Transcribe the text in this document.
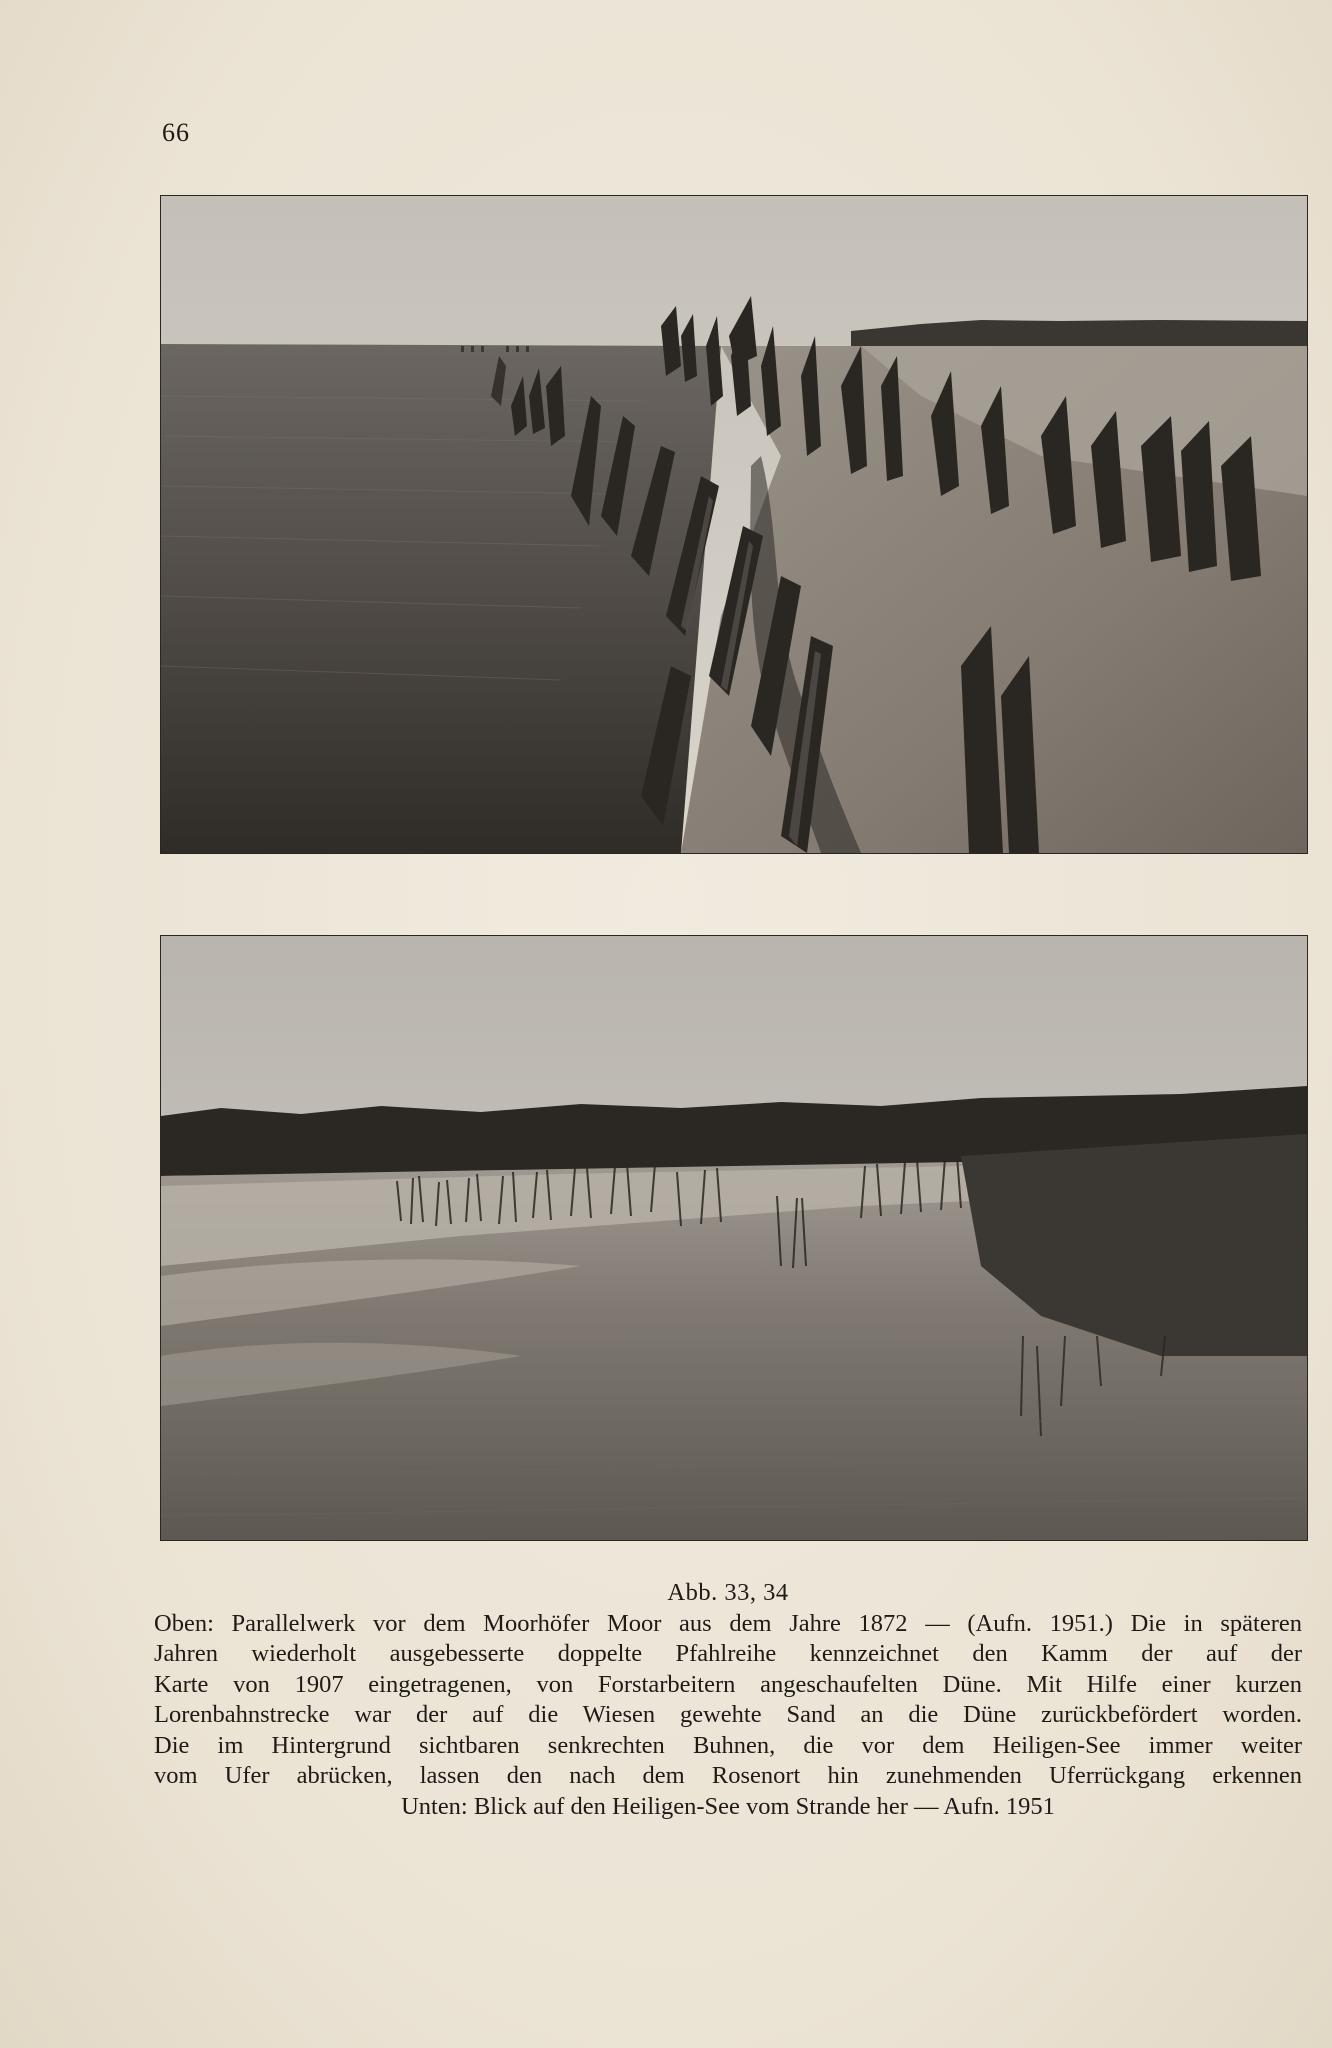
66
Abb. 33, 34
Oben: Parallelwerk vor dem Moorhöfer Moor aus dem Jahre 1872 — (Aufn. 1951.) Die in späteren
Jahren wiederholt ausgebesserte doppelte Pfahlreihe kennzeichnet den Kamm der auf der
Karte von 1907 eingetragenen, von Forstarbeitern angeschaufelten Düne. Mit Hilfe einer kurzen
Lorenbahnstrecke war der auf die Wiesen gewehte Sand an die Düne zurückbefördert worden.
Die im Hintergrund sichtbaren senkrechten Buhnen, die vor dem Heiligen-See immer weiter
vom Ufer abrücken, lassen den nach dem Rosenort hin zunehmenden Uferrückgang erkennen
Unten: Blick auf den Heiligen-See vom Strande her — Aufn. 1951
